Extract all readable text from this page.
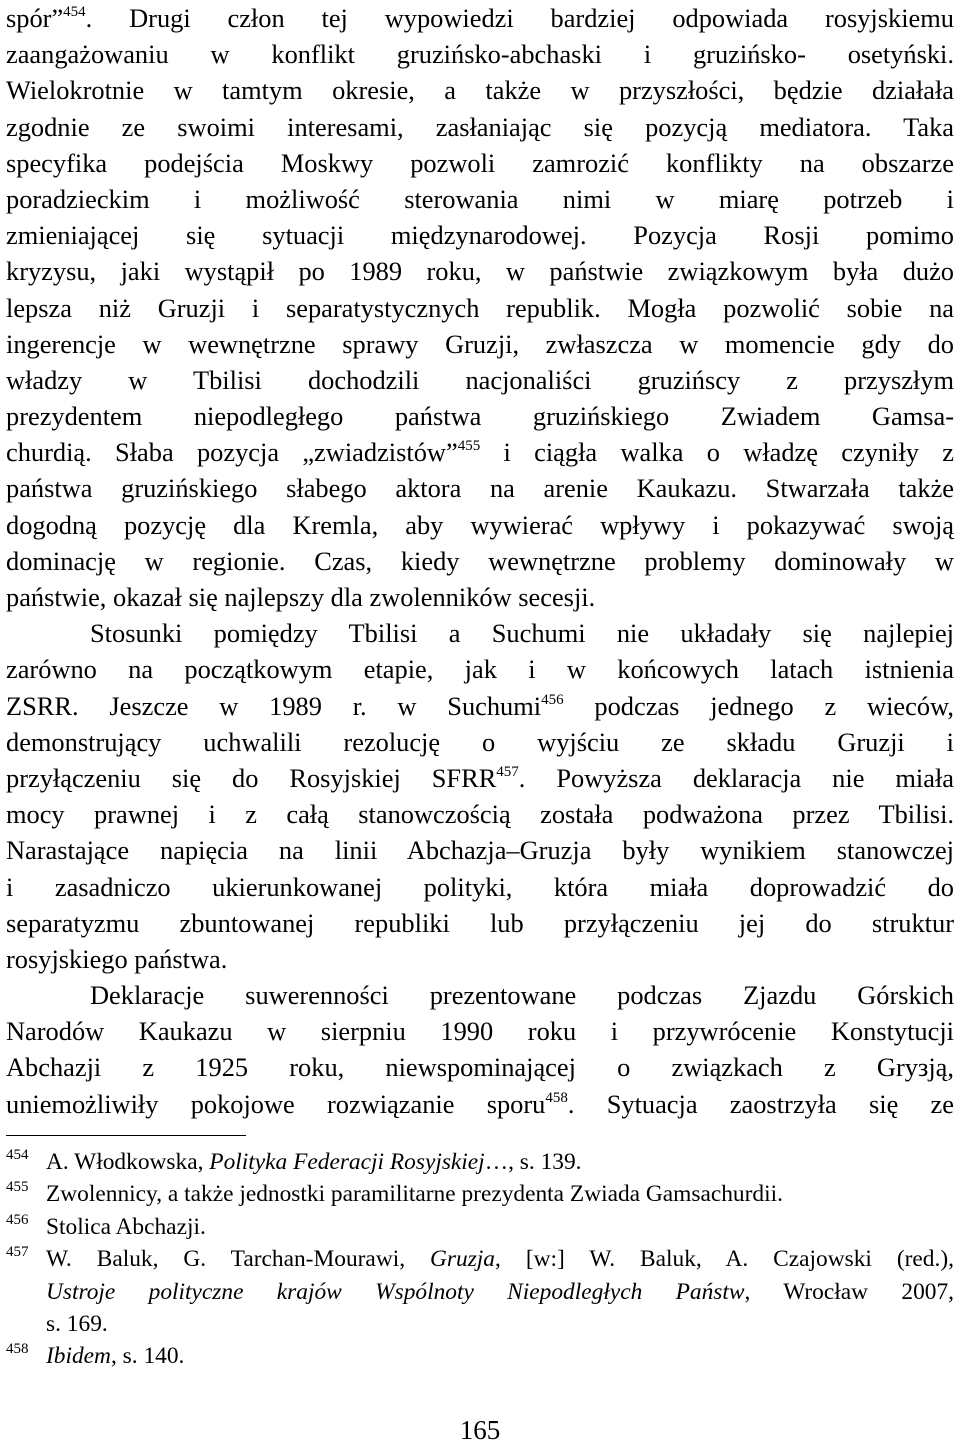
spór”$^{454}$. Drugi człon tej wypowiedzi bardziej odpowiada rosyjskiemu
zaangażowaniu w konflikt gruzińsko-abchaski i gruzińsko- osetyński.
Wielokrotnie w tamtym okresie, a także w przyszłości, będzie działała
zgodnie ze swoimi interesami, zasłaniając się pozycją mediatora. Taka
specyfika podejścia Moskwy pozwoli zamrozić konflikty na obszarze
poradzieckim i możliwość sterowania nimi w miarę potrzeb i
zmieniającej się sytuacji międzynarodowej. Pozycja Rosji pomimo
kryzysu, jaki wystąpił po 1989 roku, w państwie związkowym była dużo
lepsza niż Gruzji i separatystycznych republik. Mogła pozwolić sobie na
ingerencje w wewnętrzne sprawy Gruzji, zwłaszcza w momencie gdy do
władzy w Tbilisi dochodzili nacjonaliści gruzińscy z przyszłym
prezydentem niepodległego państwa gruzińskiego Zwiadem Gamsa-
churdią. Słaba pozycja „zwiadzistów”$^{455}$ i ciągła walka o władzę czyniły z
państwa gruzińskiego słabego aktora na arenie Kaukazu. Stwarzała także
dogodną pozycję dla Kremla, aby wywierać wpływy i pokazywać swoją
dominację w regionie. Czas, kiedy wewnętrzne problemy dominowały w
państwie, okazał się najlepszy dla zwolenników secesji.
Stosunki pomiędzy Tbilisi a Suchumi nie układały się najlepiej
zarówno na początkowym etapie, jak i w końcowych latach istnienia
ZSRR. Jeszcze w 1989 r. w Suchumi$^{456}$ podczas jednego z wieców,
demonstrujący uchwalili rezolucję o wyjściu ze składu Gruzji i
przyłączeniu się do Rosyjskiej SFRR$^{457}$. Powyższa deklaracja nie miała
mocy prawnej i z całą stanowczością została podważona przez Tbilisi.
Narastające napięcia na linii Abchazja–Gruzja były wynikiem stanowczej
i zasadniczo ukierunkowanej polityki, która miała doprowadzić do
separatyzmu zbuntowanej republiki lub przyłączeniu jej do struktur
rosyjskiego państwa.
Deklaracje suwerenności prezentowane podczas Zjazdu Górskich
Narodów Kaukazu w sierpniu 1990 roku i przywrócenie Konstytucji
Abchazji z 1925 roku, niewspominającej o związkach z Grузją,
uniemożliwiły pokojowe rozwiązanie sporu$^{458}$. Sytuacja zaostrzyła się ze
454 A. Włodkowska, Polityka Federacji Rosyjskiej…, s. 139.
455 Zwolennicy, a także jednostki paramilitarne prezydenta Zwiada Gamsachurdii.
456 Stolica Abchazji.
457 W. Baluk, G. Tarchan-Mourawi, Gruzja, [w:] W. Baluk, A. Czajowski (red.),
Ustroje polityczne krajów Wspólnoty Niepodległych Państw, Wrocław 2007,
s. 169.
458 Ibidem, s. 140.
165
